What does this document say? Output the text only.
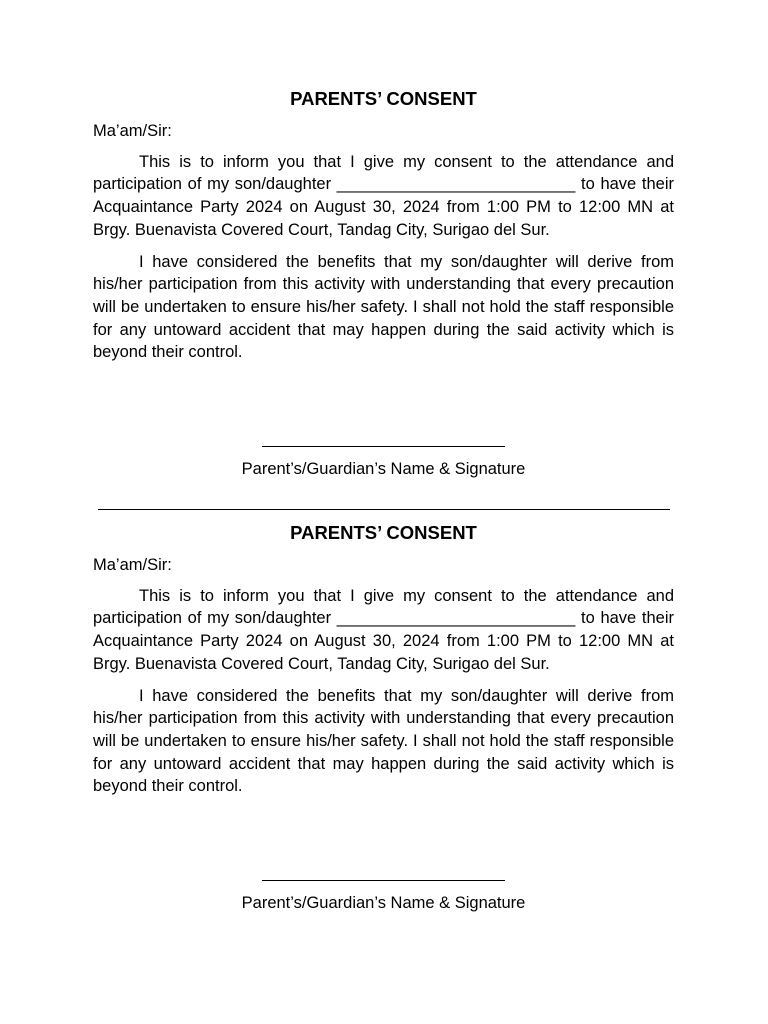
PARENTS’ CONSENT

Ma’am/Sir:

This is to inform you that I give my consent to the attendance and participation of my son/daughter __________________________ to have their Acquaintance Party 2024 on August 30, 2024 from 1:00 PM to 12:00 MN at Brgy. Buenavista Covered Court, Tandag City, Surigao del Sur.

I have considered the benefits that my son/daughter will derive from his/her participation from this activity with understanding that every precaution will be undertaken to ensure his/her safety. I shall not hold the staff responsible for any untoward accident that may happen during the said activity which is beyond their control.

Parent’s/Guardian’s Name & Signature
PARENTS’ CONSENT

Ma’am/Sir:

This is to inform you that I give my consent to the attendance and participation of my son/daughter __________________________ to have their Acquaintance Party 2024 on August 30, 2024 from 1:00 PM to 12:00 MN at Brgy. Buenavista Covered Court, Tandag City, Surigao del Sur.

I have considered the benefits that my son/daughter will derive from his/her participation from this activity with understanding that every precaution will be undertaken to ensure his/her safety. I shall not hold the staff responsible for any untoward accident that may happen during the said activity which is beyond their control.

Parent’s/Guardian’s Name & Signature
